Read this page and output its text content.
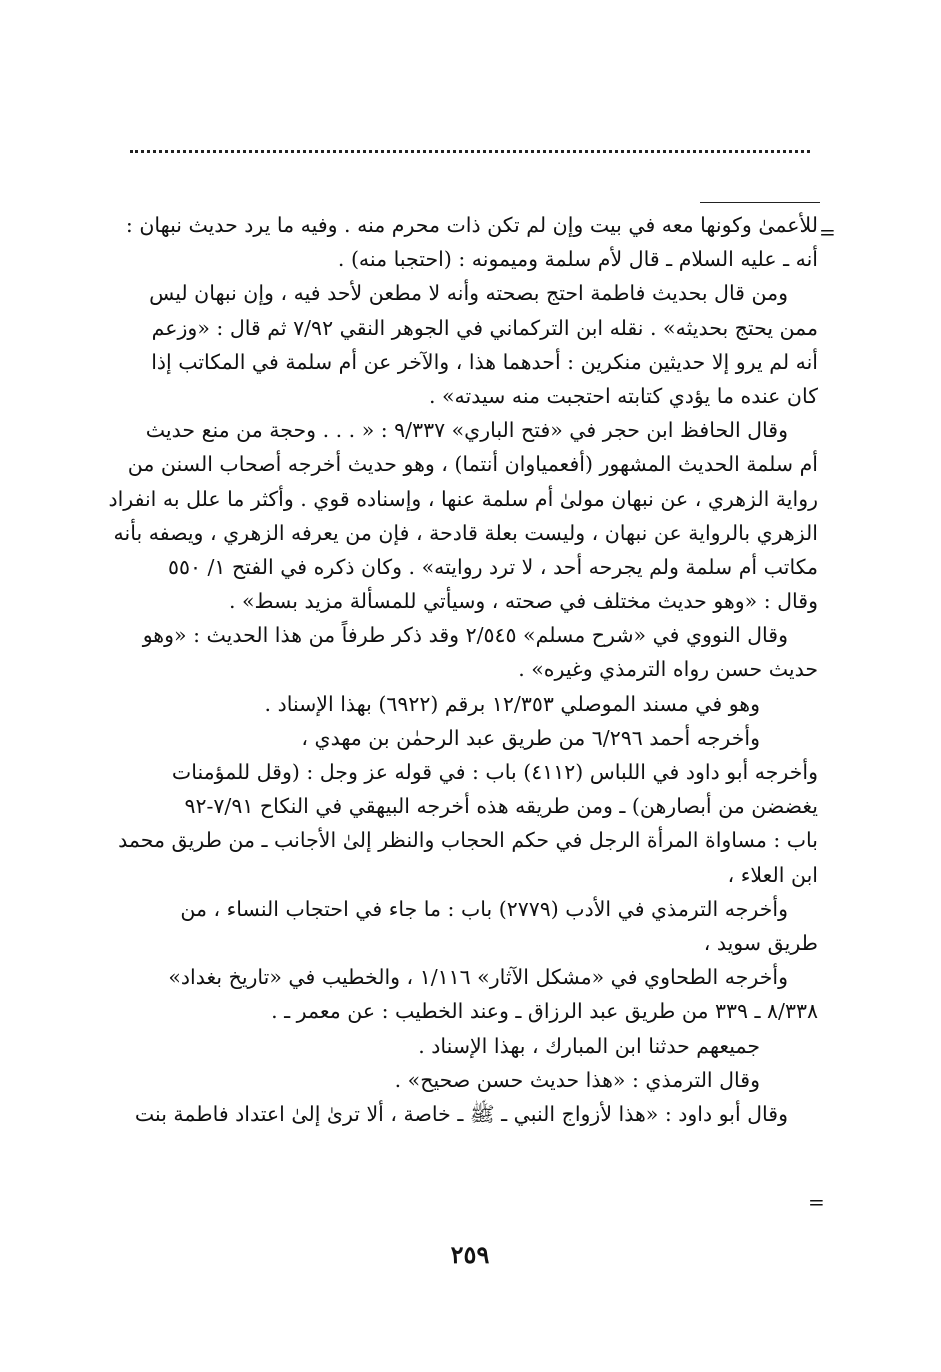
=
=
للأعمىٰ وكونها معه في بيت وإن لم تكن ذات محرم منه . وفيه ما يرد حديث نبهان :
أنه ـ عليه السلام ـ قال لأم سلمة وميمونه : (احتجبا منه) .
ومن قال بحديث فاطمة احتج بصحته وأنه لا مطعن لأحد فيه ، وإن نبهان ليس
ممن يحتج بحديثه» . نقله ابن التركماني في الجوهر النقي ٧/٩٢ ثم قال : «وزعم
أنه لم يرو إلا حديثين منكرين : أحدهما هذا ، والآخر عن أم سلمة في المكاتب إذا
كان عنده ما يؤدي كتابته احتجبت منه سيدته» .
وقال الحافظ ابن حجر في «فتح الباري» ٩/٣٣٧ : « . . . وحجة من منع حديث
أم سلمة الحديث المشهور (أفعمياوان أنتما) ، وهو حديث أخرجه أصحاب السنن من
رواية الزهري ، عن نبهان مولىٰ أم سلمة عنها ، وإسناده قوي . وأكثر ما علل به انفراد
الزهري بالرواية عن نبهان ، وليست بعلة قادحة ، فإن من يعرفه الزهري ، ويصفه بأنه
مكاتب أم سلمة ولم يجرحه أحد ، لا ترد روايته» . وكان ذكره في الفتح ١/ ٥٥٠
وقال : «وهو حديث مختلف في صحته ، وسيأتي للمسألة مزيد بسط» .
وقال النووي في «شرح مسلم» ٢/٥٤٥ وقد ذكر طرفاً من هذا الحديث : «وهو
حديث حسن رواه الترمذي وغيره» .
وهو في مسند الموصلي ١٢/٣٥٣ برقم (٦٩٢٢) بهذا الإسناد .
وأخرجه أحمد ٦/٢٩٦ من طريق عبد الرحمٰن بن مهدي ،
وأخرجه أبو داود في اللباس (٤١١٢) باب : في قوله عز وجل : (وقل للمؤمنات
يغضضن من أبصارهن) ـ ومن طريقه هذه أخرجه البيهقي في النكاح ٧/٩١-٩٢
باب : مساواة المرأة الرجل في حكم الحجاب والنظر إلىٰ الأجانب ـ من طريق محمد
ابن العلاء ،
وأخرجه الترمذي في الأدب (٢٧٧٩) باب : ما جاء في احتجاب النساء ، من
طريق سويد ،
وأخرجه الطحاوي في «مشكل الآثار» ١/١١٦ ، والخطيب في «تاريخ بغداد»
٨/٣٣٨ ـ ٣٣٩ من طريق عبد الرزاق ـ وعند الخطيب : عن معمر ـ .
جميعهم حدثنا ابن المبارك ، بهذا الإسناد .
وقال الترمذي : «هذا حديث حسن صحيح» .
وقال أبو داود : «هذا لأزواج النبي ـ ﷺ ـ خاصة ، ألا ترىٰ إلىٰ اعتداد فاطمة بنت
٢٥٩
